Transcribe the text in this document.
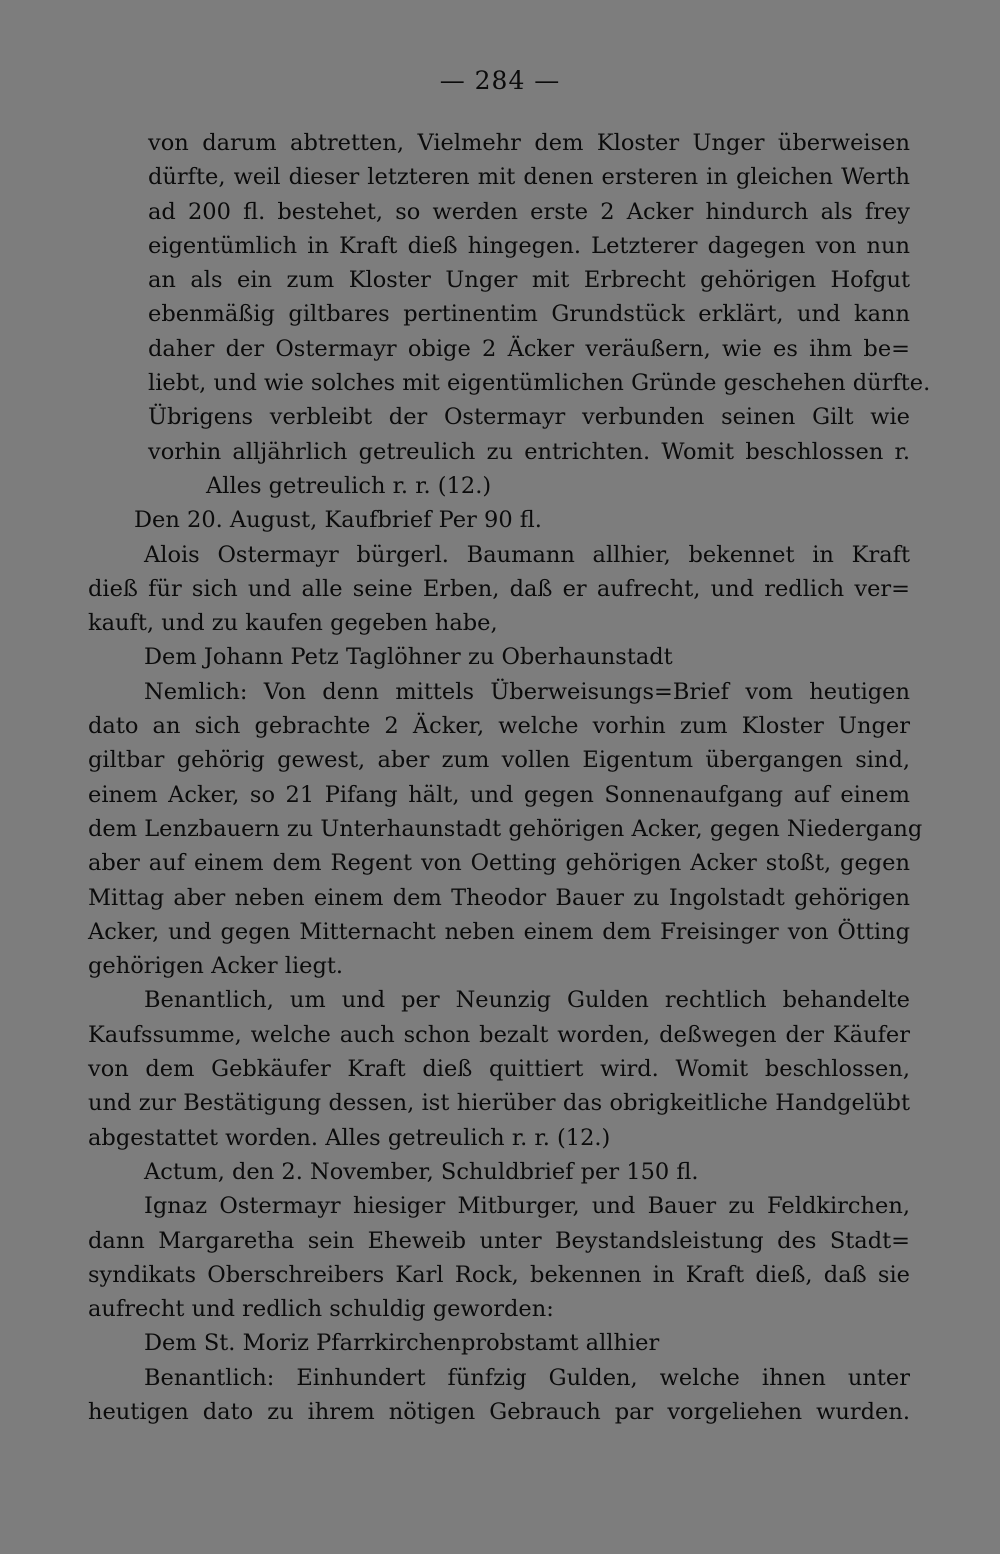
— 284 —
von darum abtretten, Vielmehr dem Kloster Unger überweisen
dürfte, weil dieser letzteren mit denen ersteren in gleichen Werth
ad 200 fl. bestehet, so werden erste 2 Acker hindurch als frey
eigentümlich in Kraft dieß hingegen. Letzterer dagegen von nun
an als ein zum Kloster Unger mit Erbrecht gehörigen Hofgut
ebenmäßig giltbares pertinentim Grundstück erklärt, und kann
daher der Ostermayr obige 2 Äcker veräußern, wie es ihm be=
liebt, und wie solches mit eigentümlichen Gründe geschehen dürfte.
Übrigens verbleibt der Ostermayr verbunden seinen Gilt wie
vorhin alljährlich getreulich zu entrichten. Womit beschlossen r.
Alles getreulich r. r. (12.)
Den 20. August, Kaufbrief Per 90 fl.
Alois Ostermayr bürgerl. Baumann allhier, bekennet in Kraft
dieß für sich und alle seine Erben, daß er aufrecht, und redlich ver=
kauft, und zu kaufen gegeben habe,
Dem Johann Petz Taglöhner zu Oberhaunstadt
Nemlich: Von denn mittels Überweisungs=Brief vom heutigen
dato an sich gebrachte 2 Äcker, welche vorhin zum Kloster Unger
giltbar gehörig gewest, aber zum vollen Eigentum übergangen sind,
einem Acker, so 21 Pifang hält, und gegen Sonnenaufgang auf einem
dem Lenzbauern zu Unterhaunstadt gehörigen Acker, gegen Niedergang
aber auf einem dem Regent von Oetting gehörigen Acker stoßt, gegen
Mittag aber neben einem dem Theodor Bauer zu Ingolstadt gehörigen
Acker, und gegen Mitternacht neben einem dem Freisinger von Ötting
gehörigen Acker liegt.
Benantlich, um und per Neunzig Gulden rechtlich behandelte
Kaufssumme, welche auch schon bezalt worden, deßwegen der Käufer
von dem Gebkäufer Kraft dieß quittiert wird. Womit beschlossen,
und zur Bestätigung dessen, ist hierüber das obrigkeitliche Handgelübt
abgestattet worden. Alles getreulich r. r. (12.)
Actum, den 2. November, Schuldbrief per 150 fl.
Ignaz Ostermayr hiesiger Mitburger, und Bauer zu Feldkirchen,
dann Margaretha sein Eheweib unter Beystandsleistung des Stadt=
syndikats Oberschreibers Karl Rock, bekennen in Kraft dieß, daß sie
aufrecht und redlich schuldig geworden:
Dem St. Moriz Pfarrkirchenprobstamt allhier
Benantlich: Einhundert fünfzig Gulden, welche ihnen unter
heutigen dato zu ihrem nötigen Gebrauch par vorgeliehen wurden.
